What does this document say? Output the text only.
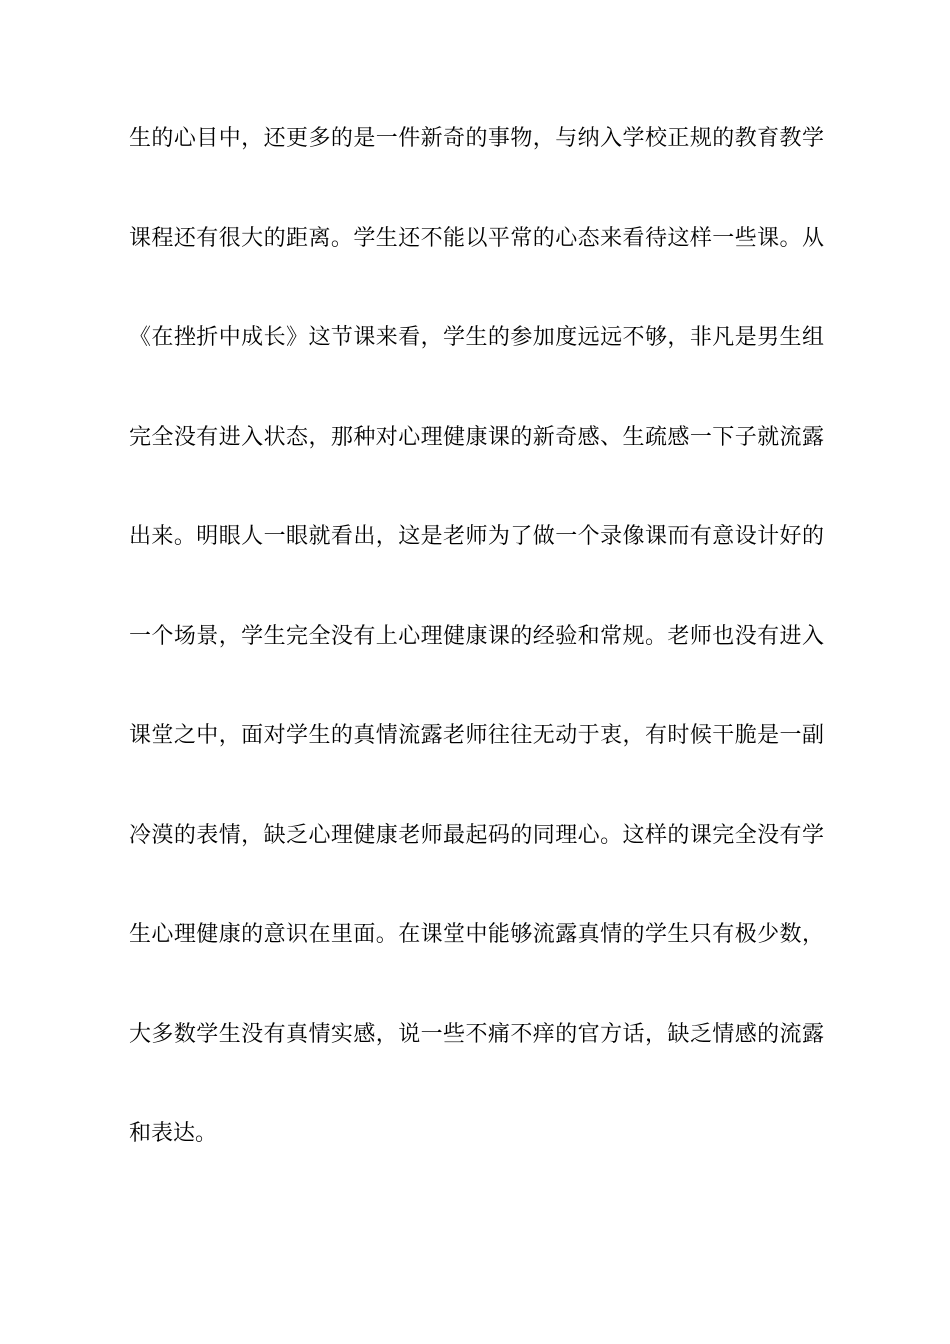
生的心目中，还更多的是一件新奇的事物，与纳入学校正规的教育教学
课程还有很大的距离。学生还不能以平常的心态来看待这样一些课。从
《在挫折中成长》这节课来看，学生的参加度远远不够，非凡是男生组
完全没有进入状态，那种对心理健康课的新奇感、生疏感一下子就流露
出来。明眼人一眼就看出，这是老师为了做一个录像课而有意设计好的
一个场景，学生完全没有上心理健康课的经验和常规。老师也没有进入
课堂之中，面对学生的真情流露老师往往无动于衷，有时候干脆是一副
冷漠的表情，缺乏心理健康老师最起码的同理心。这样的课完全没有学
生心理健康的意识在里面。在课堂中能够流露真情的学生只有极少数，
大多数学生没有真情实感，说一些不痛不痒的官方话，缺乏情感的流露
和表达。
